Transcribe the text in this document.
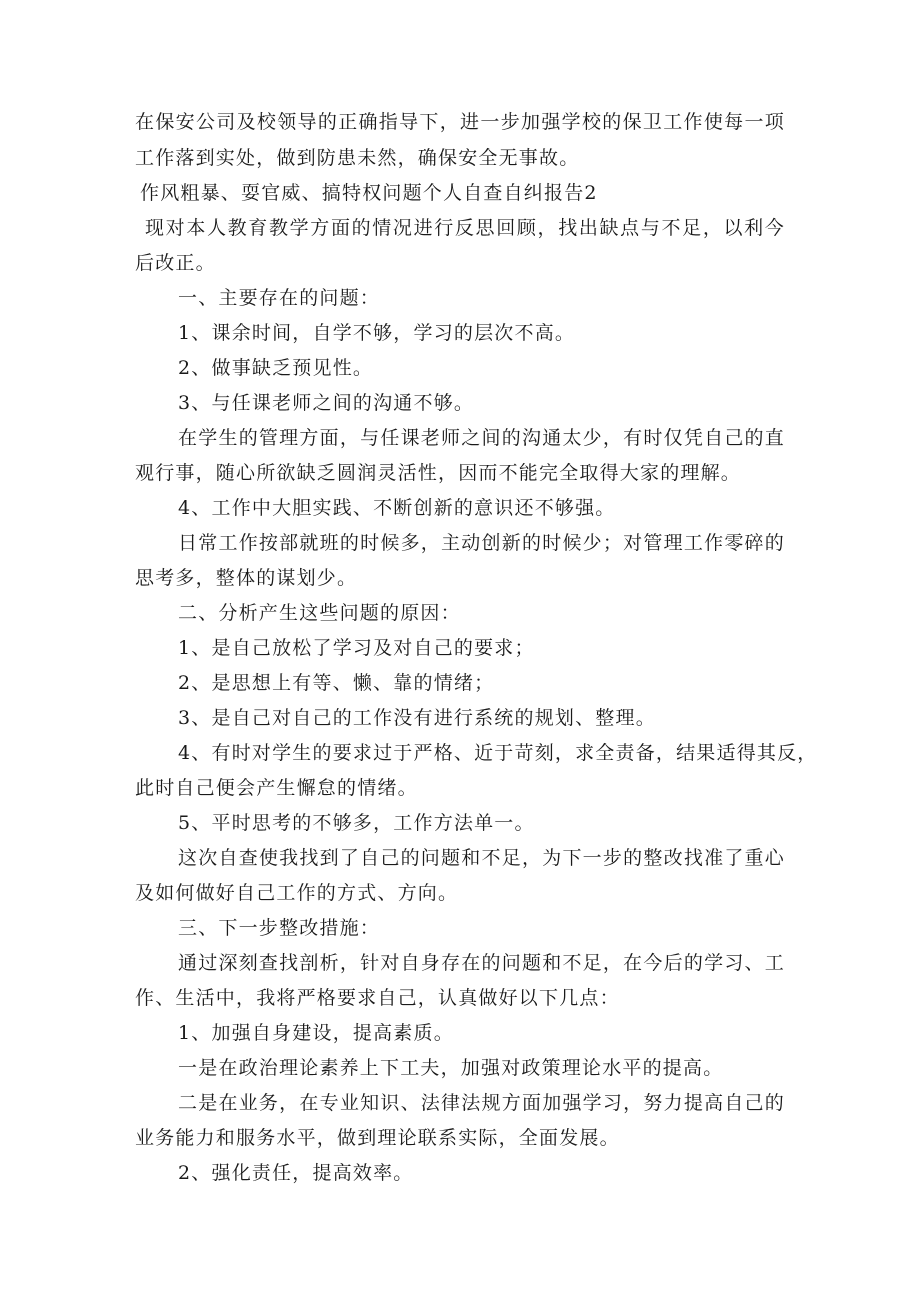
在保安公司及校领导的正确指导下，进一步加强学校的保卫工作使每一项
工作落到实处，做到防患未然，确保安全无事故。
作风粗暴、耍官威、搞特权问题个人自查自纠报告2
现对本人教育教学方面的情况进行反思回顾，找出缺点与不足，以利今
后改正。
一、主要存在的问题：
1、课余时间，自学不够，学习的层次不高。
2、做事缺乏预见性。
3、与任课老师之间的沟通不够。
在学生的管理方面，与任课老师之间的沟通太少，有时仅凭自己的直
观行事，随心所欲缺乏圆润灵活性，因而不能完全取得大家的理解。
4、工作中大胆实践、不断创新的意识还不够强。
日常工作按部就班的时候多，主动创新的时候少；对管理工作零碎的
思考多，整体的谋划少。
二、分析产生这些问题的原因：
1、是自己放松了学习及对自己的要求；
2、是思想上有等、懒、靠的情绪；
3、是自己对自己的工作没有进行系统的规划、整理。
4、有时对学生的要求过于严格、近于苛刻，求全责备，结果适得其反，
此时自己便会产生懈怠的情绪。
5、平时思考的不够多，工作方法单一。
这次自查使我找到了自己的问题和不足，为下一步的整改找准了重心
及如何做好自己工作的方式、方向。
三、下一步整改措施：
通过深刻查找剖析，针对自身存在的问题和不足，在今后的学习、工
作、生活中，我将严格要求自己，认真做好以下几点：
1、加强自身建设，提高素质。
一是在政治理论素养上下工夫，加强对政策理论水平的提高。
二是在业务，在专业知识、法律法规方面加强学习，努力提高自己的
业务能力和服务水平，做到理论联系实际，全面发展。
2、强化责任，提高效率。
